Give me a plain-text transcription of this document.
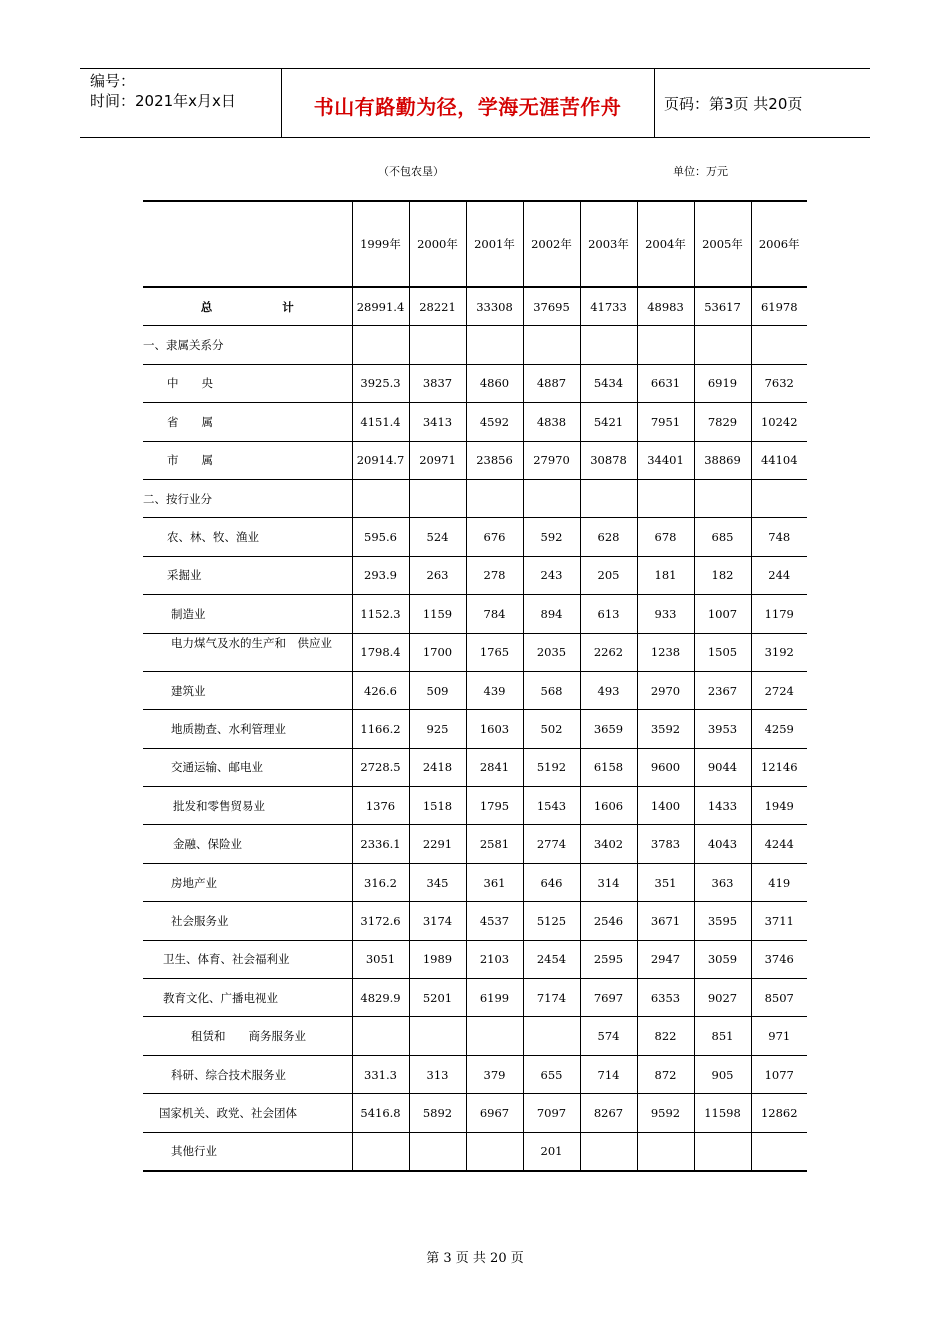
编号：
时间：2021年x月x日	书山有路勤为径，学海无涯苦作舟	页码：第3页 共20页
（不包农垦）	单位：万元
	1999年	2000年	2001年	2002年	2003年	2004年	2005年	2006年

总 计	28991.4	28221	33308	37695	41733	48983	53617	61978
一、隶属关系分								
中　　央	3925.3	3837	4860	4887	5434	6631	6919	7632
省　　属	4151.4	3413	4592	4838	5421	7951	7829	10242
市　　属	20914.7	20971	23856	27970	30878	34401	38869	44104
二、按行业分								
农、林、牧、渔业	595.6	524	676	592	628	678	685	748
采掘业	293.9	263	278	243	205	181	182	244
制造业	1152.3	1159	784	894	613	933	1007	1179
电力煤气及水的生产和　供应业	1798.4	1700	1765	2035	2262	1238	1505	3192
建筑业	426.6	509	439	568	493	2970	2367	2724
地质勘查、水利管理业	1166.2	925	1603	502	3659	3592	3953	4259
交通运输、邮电业	2728.5	2418	2841	5192	6158	9600	9044	12146
批发和零售贸易业	1376	1518	1795	1543	1606	1400	1433	1949
金融、保险业	2336.1	2291	2581	2774	3402	3783	4043	4244
房地产业	316.2	345	361	646	314	351	363	419
社会服务业	3172.6	3174	4537	5125	2546	3671	3595	3711
卫生、体育、社会福利业	3051	1989	2103	2454	2595	2947	3059	3746
教育文化、广播电视业	4829.9	5201	6199	7174	7697	6353	9027	8507
租赁和　　商务服务业					574	822	851	971
科研、综合技术服务业	331.3	313	379	655	714	872	905	1077
国家机关、政党、社会团体	5416.8	5892	6967	7097	8267	9592	11598	12862
其他行业				201				
第 3 页 共 20 页
